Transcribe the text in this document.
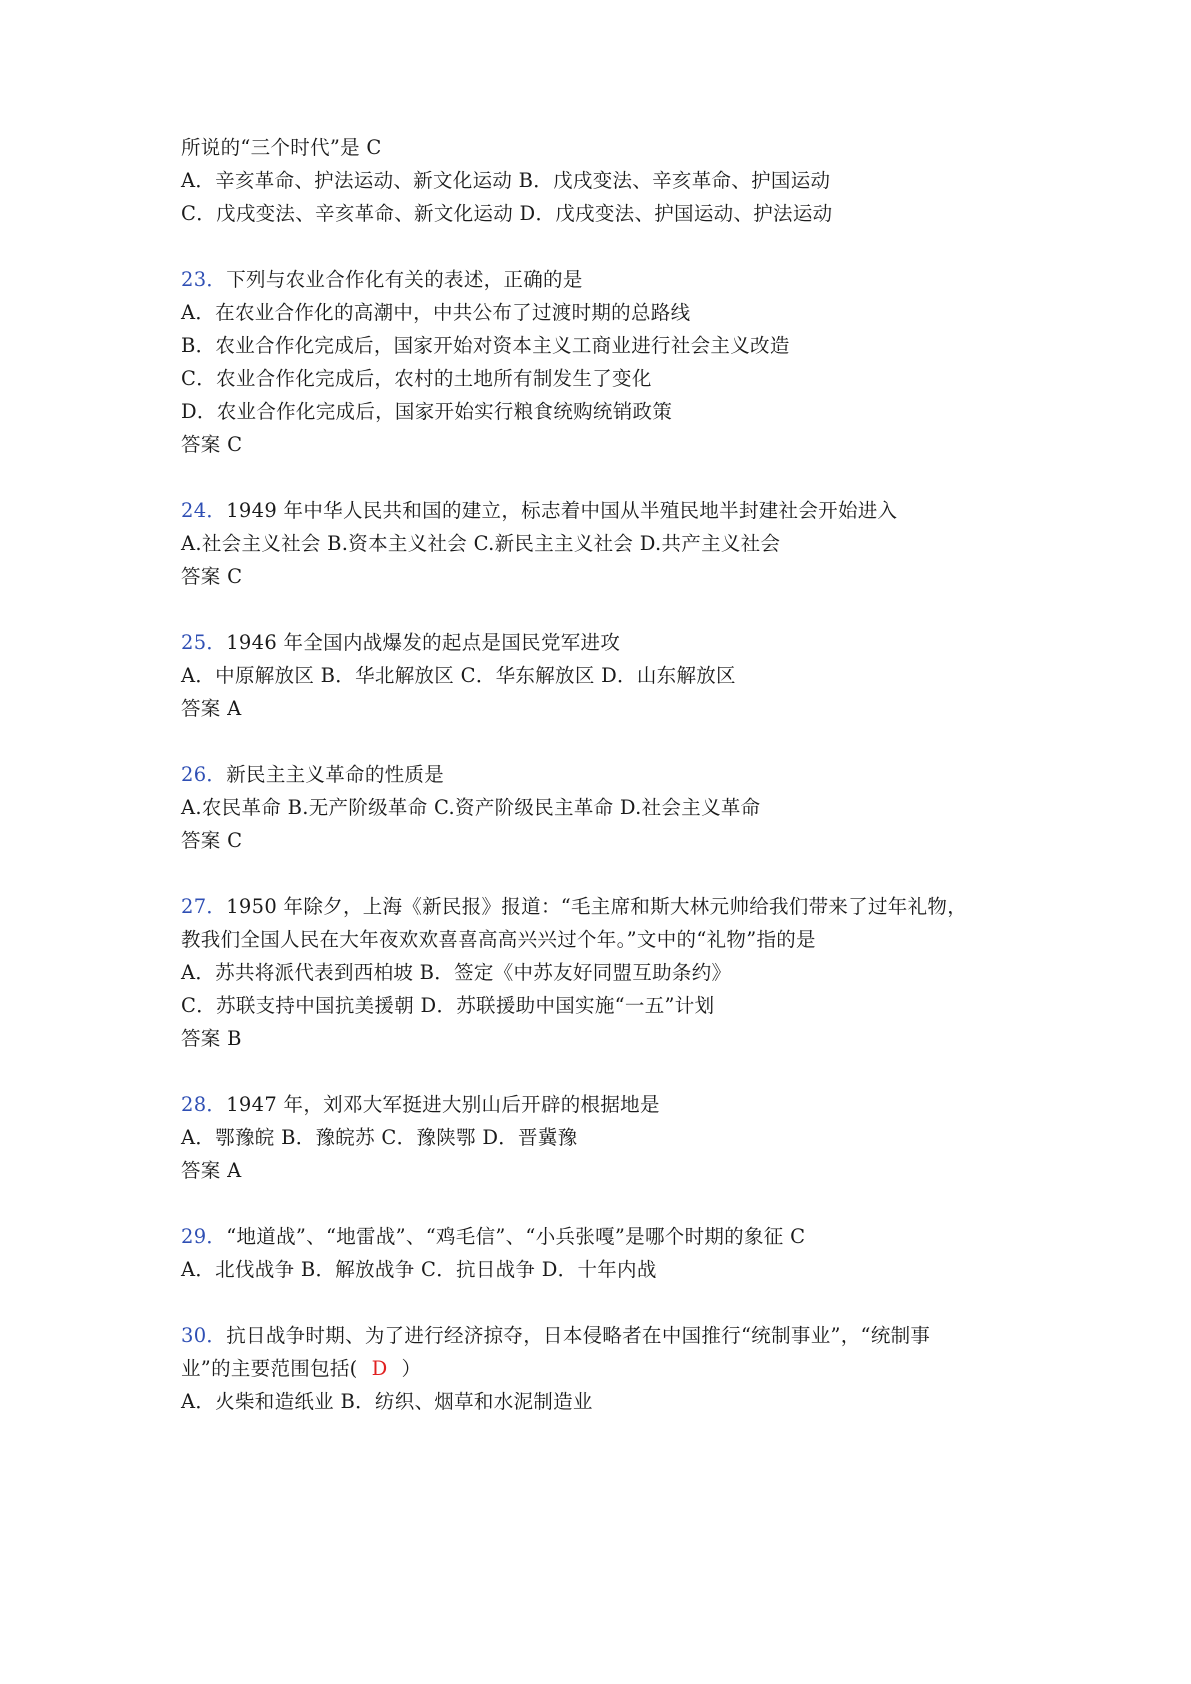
所说的“三个时代”是 C
A．辛亥革命、护法运动、新文化运动 B．戊戌变法、辛亥革命、护国运动
C．戊戌变法、辛亥革命、新文化运动 D．戊戌变法、护国运动、护法运动
23．下列与农业合作化有关的表述，正确的是
A．在农业合作化的高潮中，中共公布了过渡时期的总路线
B．农业合作化完成后，国家开始对资本主义工商业进行社会主义改造
C．农业合作化完成后，农村的土地所有制发生了变化
D．农业合作化完成后，国家开始实行粮食统购统销政策
答案 C
24．1949 年中华人民共和国的建立，标志着中国从半殖民地半封建社会开始进入
A.社会主义社会 B.资本主义社会 C.新民主主义社会 D.共产主义社会
答案 C
25．1946 年全国内战爆发的起点是国民党军进攻
A．中原解放区 B．华北解放区 C．华东解放区 D．山东解放区
答案 A
26．新民主主义革命的性质是
A.农民革命 B.无产阶级革命 C.资产阶级民主革命 D.社会主义革命
答案 C
27．1950 年除夕，上海《新民报》报道：“毛主席和斯大林元帅给我们带来了过年礼物，
教我们全国人民在大年夜欢欢喜喜高高兴兴过个年。”文中的“礼物”指的是
A．苏共将派代表到西柏坡 B．签定《中苏友好同盟互助条约》
C．苏联支持中国抗美援朝 D．苏联援助中国实施“一五”计划
答案 B
28．1947 年，刘邓大军挺进大别山后开辟的根据地是
A．鄂豫皖 B．豫皖苏 C．豫陕鄂 D．晋冀豫
答案 A
29．“地道战”、“地雷战”、“鸡毛信”、“小兵张嘎”是哪个时期的象征 C
A．北伐战争 B．解放战争 C．抗日战争 D．十年内战
30．抗日战争时期、为了进行经济掠夺，日本侵略者在中国推行“统制事业”，“统制事
业”的主要范围包括( D ）
A．火柴和造纸业 B．纺织、烟草和水泥制造业
